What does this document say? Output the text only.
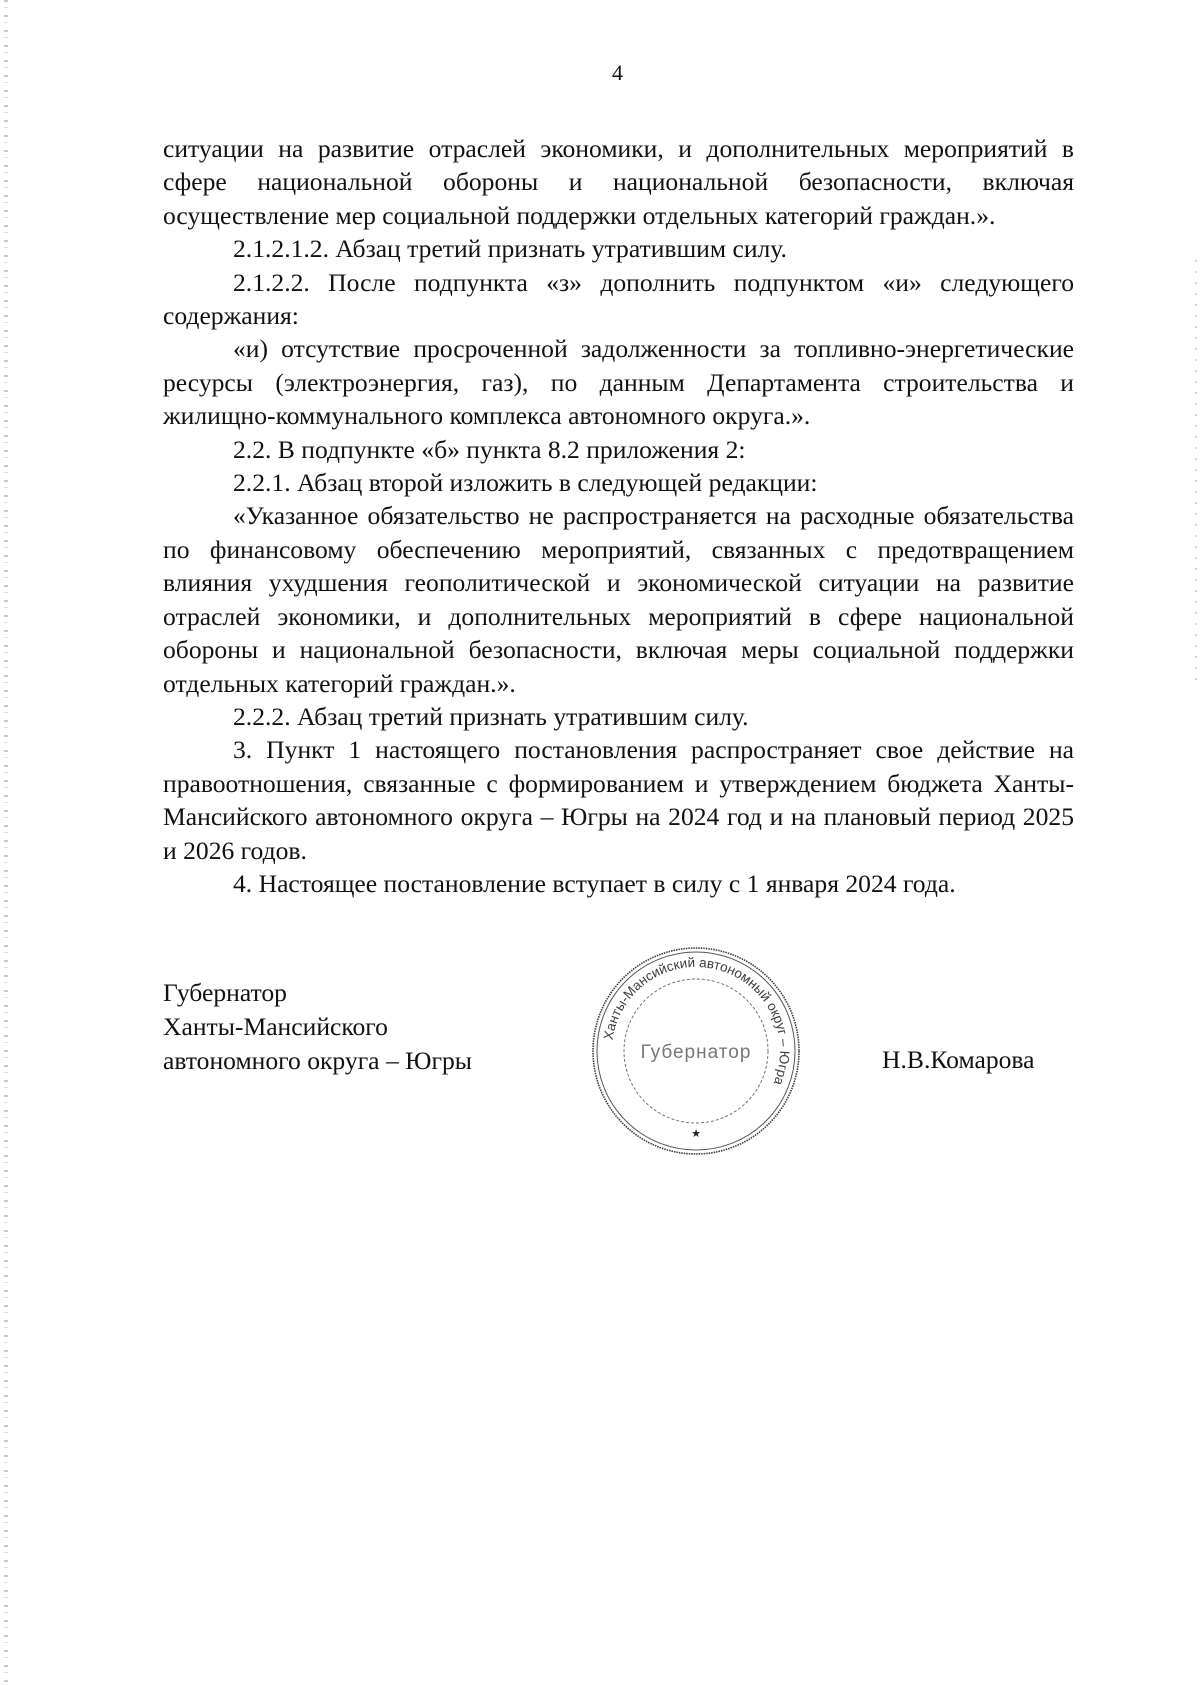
4

ситуации на развитие отраслей экономики, и дополнительных мероприятий в сфере национальной обороны и национальной безопасности, включая осуществление мер социальной поддержки отдельных категорий граждан.».

2.1.2.1.2. Абзац третий признать утратившим силу.

2.1.2.2. После подпункта «з» дополнить подпунктом «и» следующего содержания:

«и) отсутствие просроченной задолженности за топливно-энергетические ресурсы (электроэнергия, газ), по данным Департамента строительства и жилищно-коммунального комплекса автономного округа.».

2.2. В подпункте «б» пункта 8.2 приложения 2:

2.2.1. Абзац второй изложить в следующей редакции:

«Указанное обязательство не распространяется на расходные обязательства по финансовому обеспечению мероприятий, связанных с предотвращением влияния ухудшения геополитической и экономической ситуации на развитие отраслей экономики, и дополнительных мероприятий в сфере национальной обороны и национальной безопасности, включая меры социальной поддержки отдельных категорий граждан.».

2.2.2. Абзац третий признать утратившим силу.

3. Пункт 1 настоящего постановления распространяет свое действие на правоотношения, связанные с формированием и утверждением бюджета Ханты-Мансийского автономного округа – Югры на 2024 год и на плановый период 2025 и 2026 годов.

4. Настоящее постановление вступает в силу с 1 января 2024 года.

Губернатор
Ханты-Мансийского
автономного округа – Югры
Ханты-Мансийский автономный округ – Югра
Губернатор
★
Н.В.Комарова
